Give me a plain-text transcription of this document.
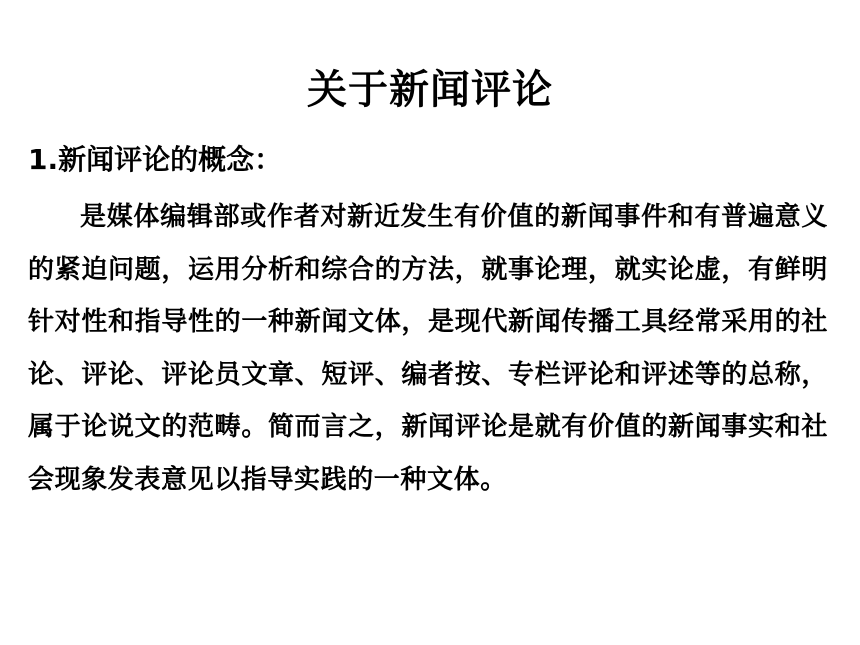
关于新闻评论
1.新闻评论的概念：
是媒体编辑部或作者对新近发生有价值的新闻事件和有普遍意义的紧迫问题，运用分析和综合的方法，就事论理，就实论虚，有鲜明针对性和指导性的一种新闻文体，是现代新闻传播工具经常采用的社论、评论、评论员文章、短评、编者按、专栏评论和评述等的总称，属于论说文的范畴。简而言之，新闻评论是就有价值的新闻事实和社会现象发表意见以指导实践的一种文体。
